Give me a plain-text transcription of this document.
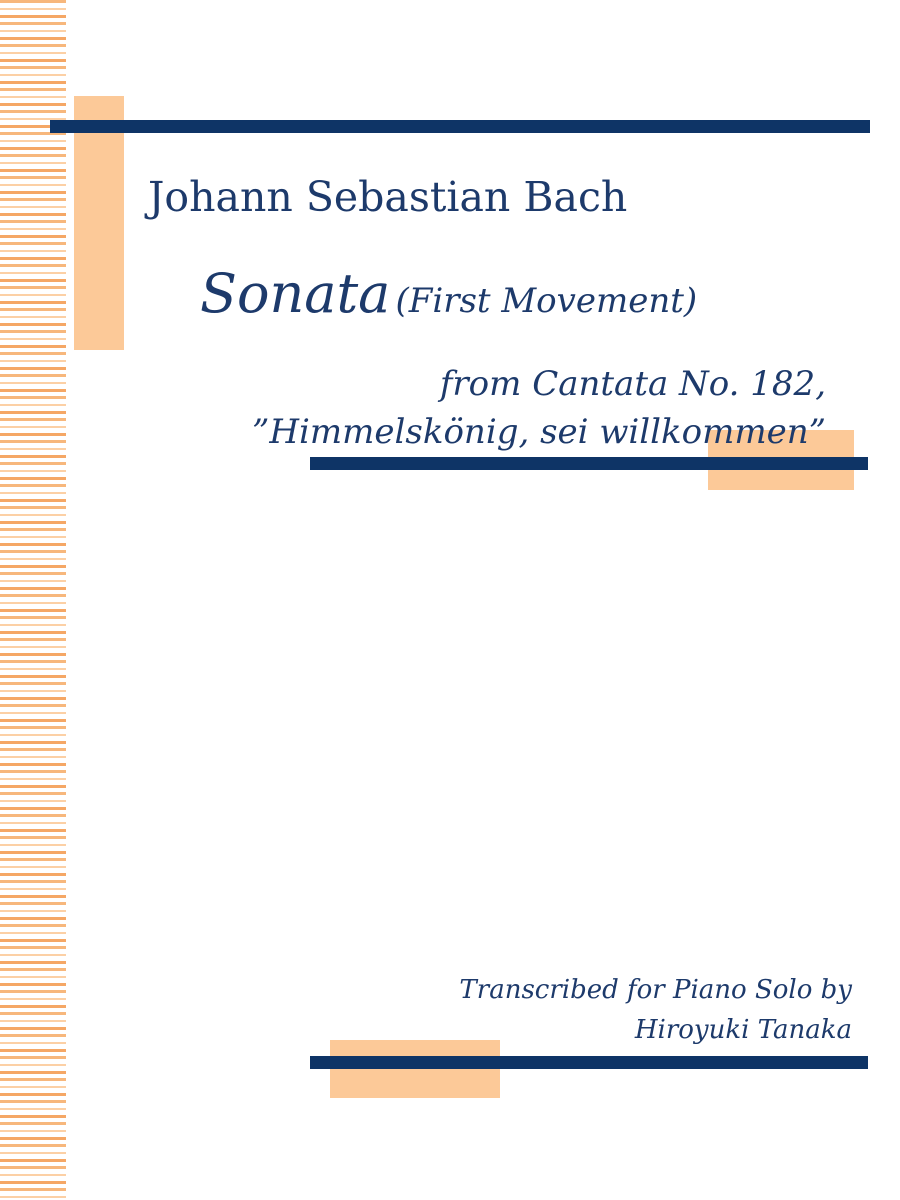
Johann Sebastian Bach
Sonata (First Movement)
from Cantata No. 182,
”Himmelskönig, sei willkommen”
Transcribed for Piano Solo by
Hiroyuki Tanaka
